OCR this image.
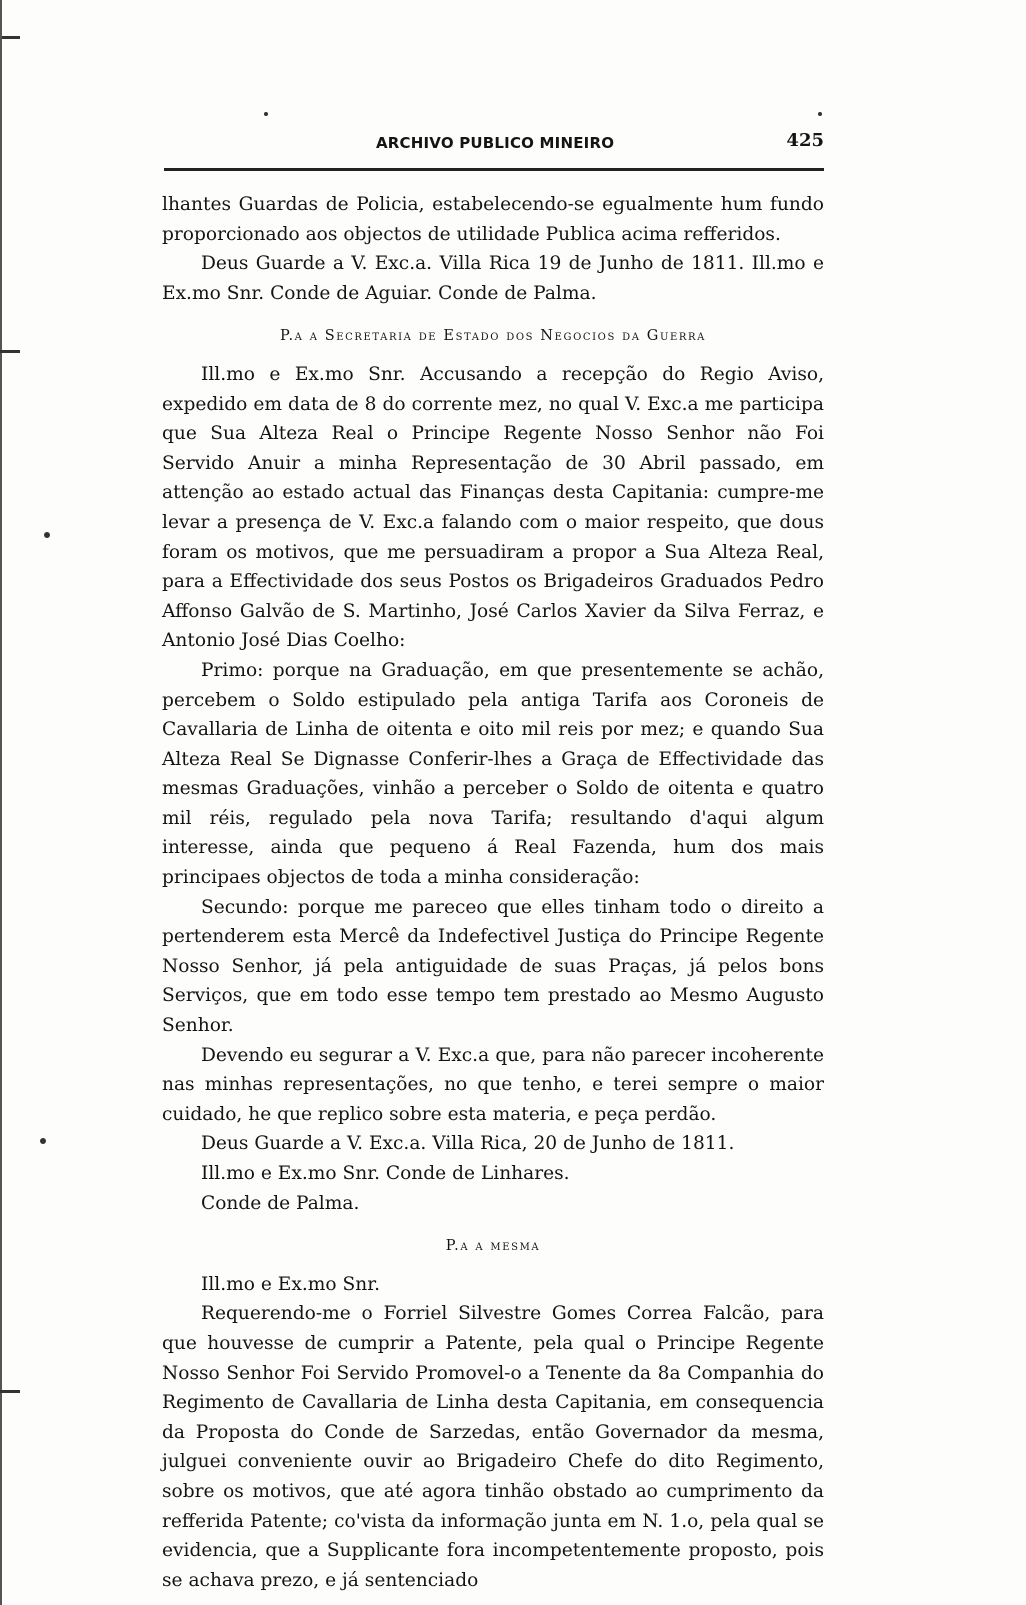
ARCHIVO PUBLICO MINEIRO	425

lhantes Guardas de Policia, estabelecendo-se egualmente hum fundo proporcionado aos objectos de utilidade Publica acima refferidos.

Deus Guarde a V. Exc.a. Villa Rica 19 de Junho de 1811. Ill.mo e Ex.mo Snr. Conde de Aguiar. Conde de Palma.

P.a a Secretaria de Estado dos Negocios da Guerra

Ill.mo e Ex.mo Snr. Accusando a recepção do Regio Aviso, expedido em data de 8 do corrente mez, no qual V. Exc.a me participa que Sua Alteza Real o Principe Regente Nosso Senhor não Foi Servido Anuir a minha Representação de 30 Abril passado, em attenção ao estado actual das Finanças desta Capitania: cumpre-me levar a presença de V. Exc.a falando com o maior respeito, que dous foram os motivos, que me persuadiram a propor a Sua Alteza Real, para a Effectividade dos seus Postos os Brigadeiros Graduados Pedro Affonso Galvão de S. Martinho, José Carlos Xavier da Silva Ferraz, e Antonio José Dias Coelho:

Primo: porque na Graduação, em que presentemente se achão, percebem o Soldo estipulado pela antiga Tarifa aos Coroneis de Cavallaria de Linha de oitenta e oito mil reis por mez; e quando Sua Alteza Real Se Dignasse Conferir-lhes a Graça de Effectividade das mesmas Graduações, vinhão a perceber o Soldo de oitenta e quatro mil réis, regulado pela nova Tarifa; resultando d'aqui algum interesse, ainda que pequeno á Real Fazenda, hum dos mais principaes objectos de toda a minha consideração:

Secundo: porque me pareceo que elles tinham todo o direito a pertenderem esta Mercê da Indefectivel Justiça do Principe Regente Nosso Senhor, já pela antiguidade de suas Praças, já pelos bons Serviços, que em todo esse tempo tem prestado ao Mesmo Augusto Senhor.

Devendo eu segurar a V. Exc.a que, para não parecer incoherente nas minhas representações, no que tenho, e terei sempre o maior cuidado, he que replico sobre esta materia, e peça perdão.

Deus Guarde a V. Exc.a. Villa Rica, 20 de Junho de 1811.

Ill.mo e Ex.mo Snr. Conde de Linhares.

Conde de Palma.

P.a a mesma

Ill.mo e Ex.mo Snr.

Requerendo-me o Forriel Silvestre Gomes Correa Falcão, para que houvesse de cumprir a Patente, pela qual o Principe Regente Nosso Senhor Foi Servido Promovel-o a Tenente da 8a Companhia do Regimento de Cavallaria de Linha desta Capitania, em consequencia da Proposta do Conde de Sarzedas, então Governador da mesma, julguei conveniente ouvir ao Brigadeiro Chefe do dito Regimento, sobre os motivos, que até agora tinhão obstado ao cumprimento da refferida Patente; co'vista da informação junta em N. 1.o, pela qual se evidencia, que a Supplicante fora incompetentemente proposto, pois se achava prezo, e já sentenciado
